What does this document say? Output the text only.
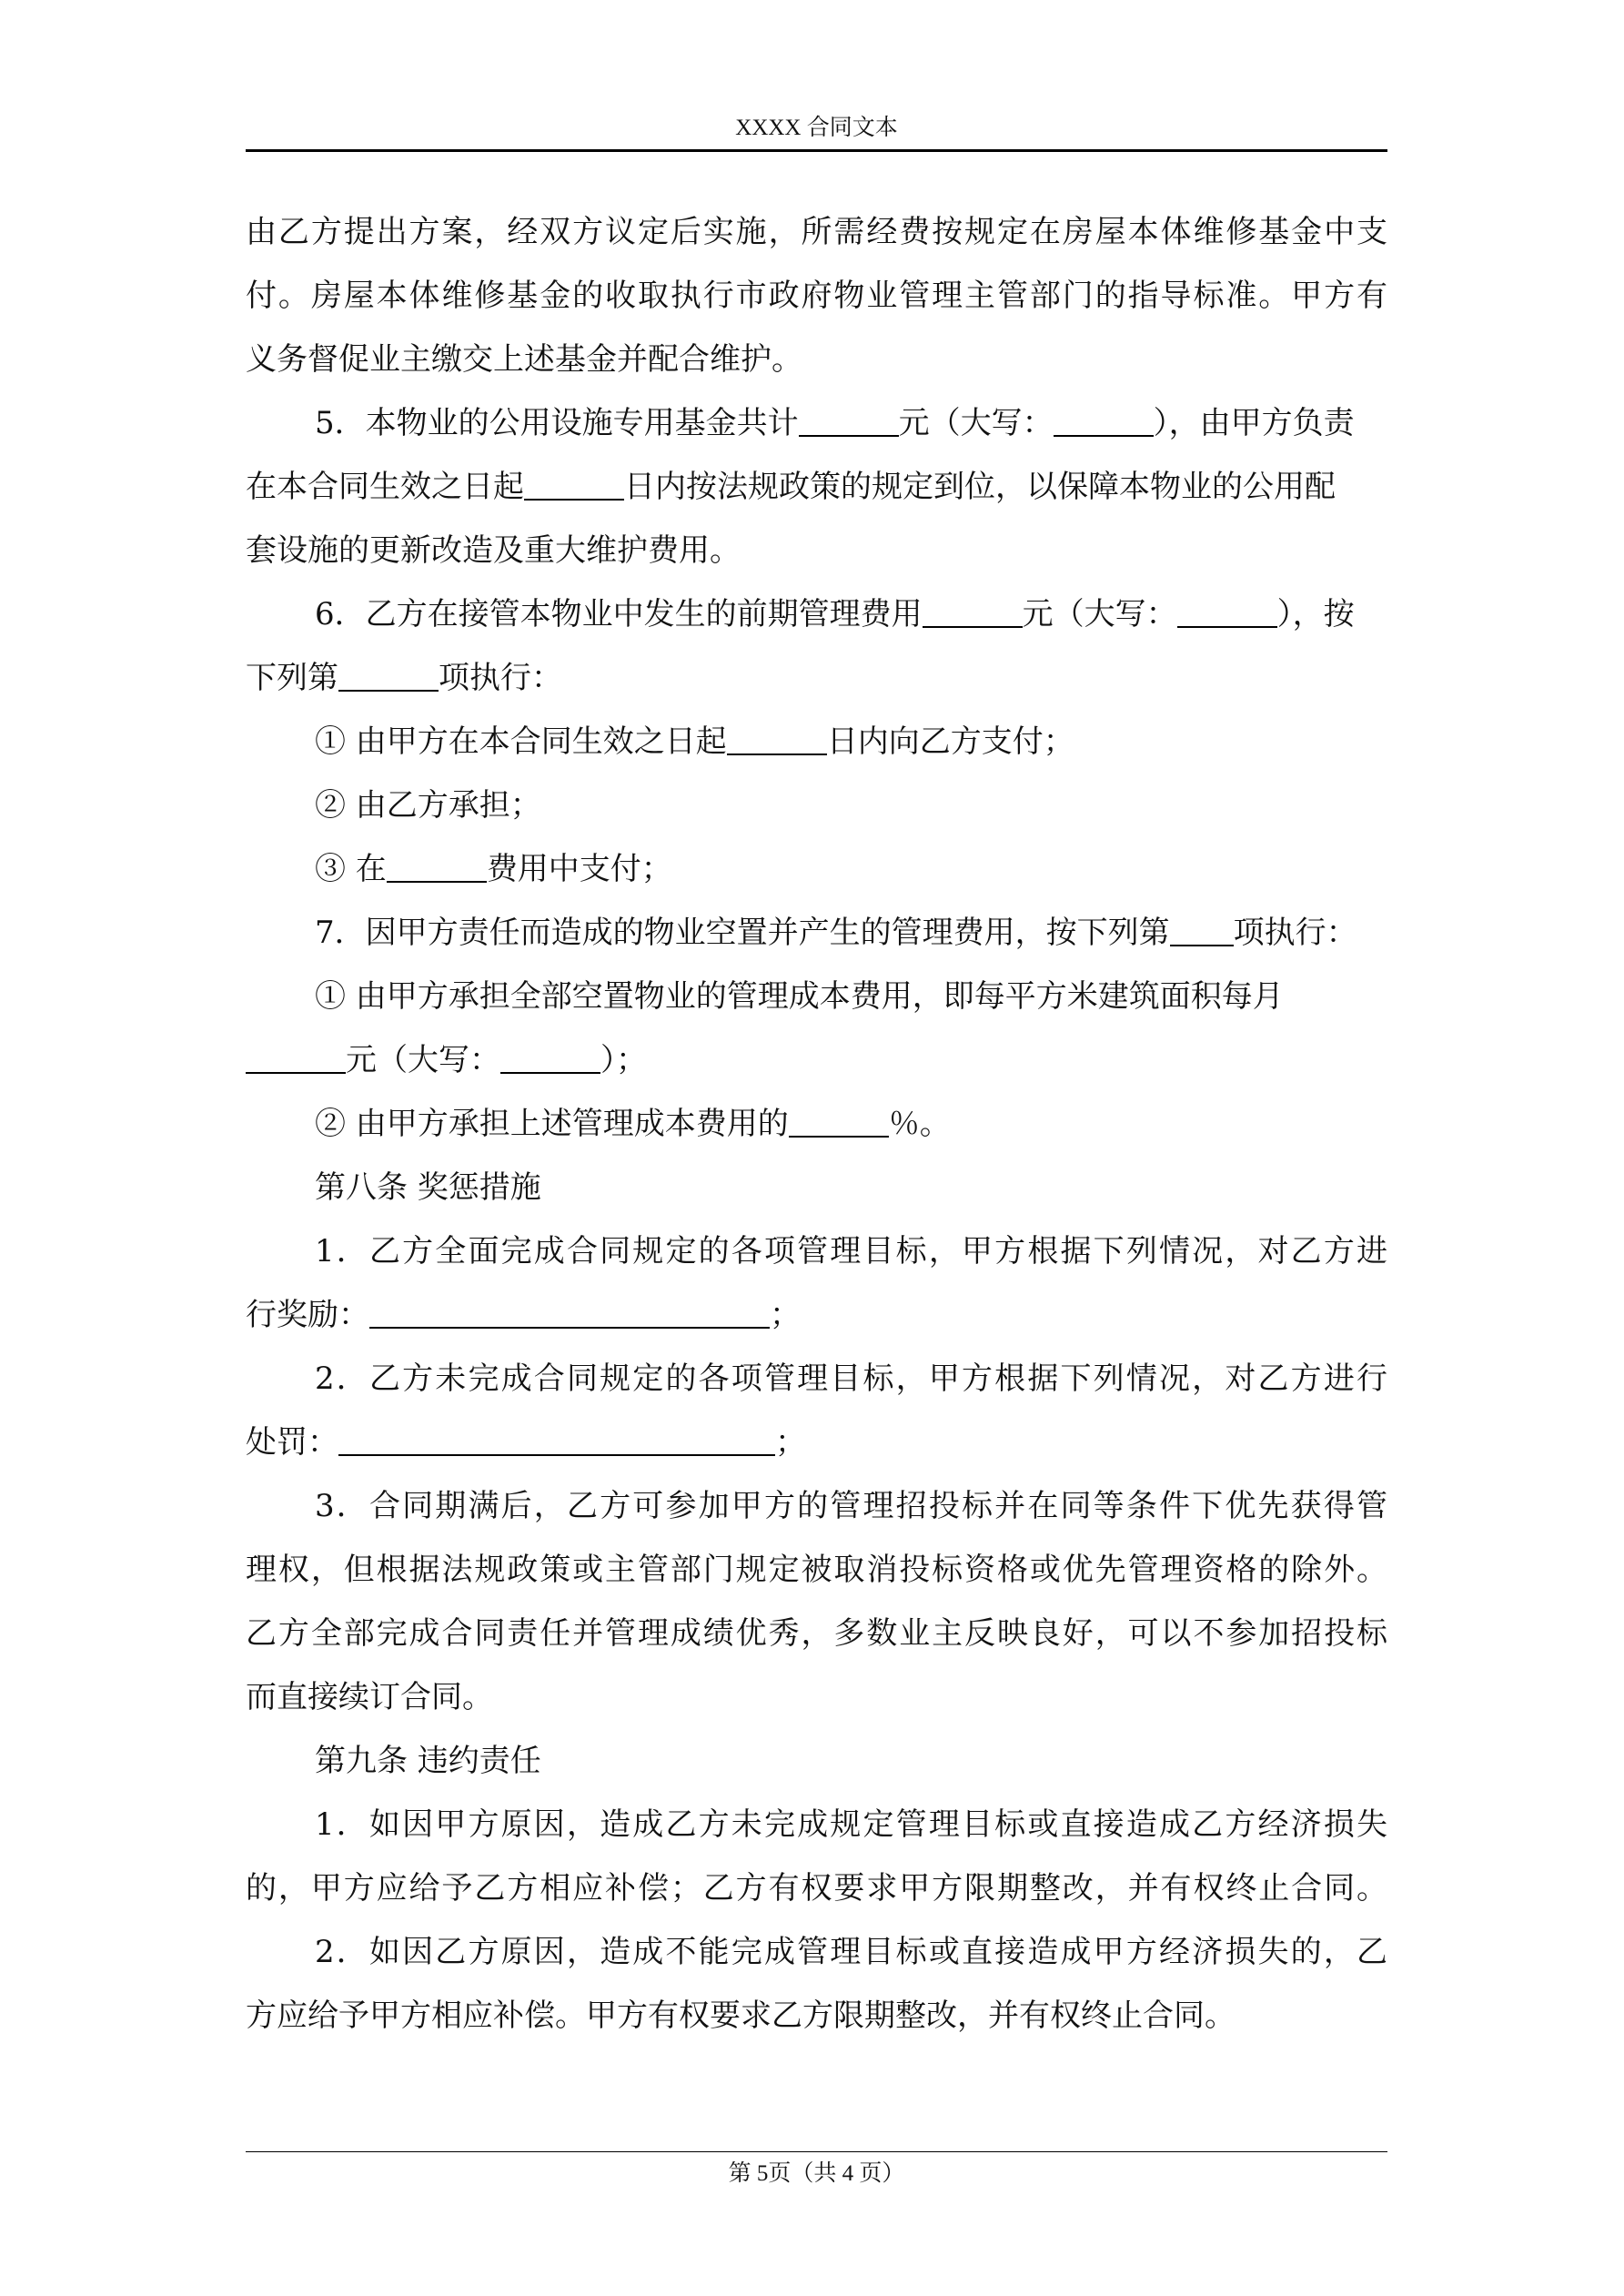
XXXX 合同文本
由乙方提出方案，经双方议定后实施，所需经费按规定在房屋本体维修基金中支
付。房屋本体维修基金的收取执行市政府物业管理主管部门的指导标准。甲方有
义务督促业主缴交上述基金并配合维护。
5．本物业的公用设施专用基金共计	元（大写：	），由甲方负责
在本合同生效之日起	日内按法规政策的规定到位，以保障本物业的公用配
套设施的更新改造及重大维护费用。
6．乙方在接管本物业中发生的前期管理费用	元（大写：	），按
下列第	项执行：
① 由甲方在本合同生效之日起	日内向乙方支付；
② 由乙方承担；
③ 在	费用中支付；
7．因甲方责任而造成的物业空置并产生的管理费用，按下列第 项执行：
① 由甲方承担全部空置物业的管理成本费用，即每平方米建筑面积每月
元（大写：	）；
② 由甲方承担上述管理成本费用的	％。
第八条 奖惩措施
1．乙方全面完成合同规定的各项管理目标，甲方根据下列情况，对乙方进
行奖励：	；
2．乙方未完成合同规定的各项管理目标，甲方根据下列情况，对乙方进行
处罚：	；
3．合同期满后，乙方可参加甲方的管理招投标并在同等条件下优先获得管
理权，但根据法规政策或主管部门规定被取消投标资格或优先管理资格的除外。
乙方全部完成合同责任并管理成绩优秀，多数业主反映良好，可以不参加招投标
而直接续订合同。
第九条 违约责任
1．如因甲方原因，造成乙方未完成规定管理目标或直接造成乙方经济损失
的，甲方应给予乙方相应补偿；乙方有权要求甲方限期整改，并有权终止合同。
2．如因乙方原因，造成不能完成管理目标或直接造成甲方经济损失的，乙
方应给予甲方相应补偿。甲方有权要求乙方限期整改，并有权终止合同。
第 5页（共 4 页）
